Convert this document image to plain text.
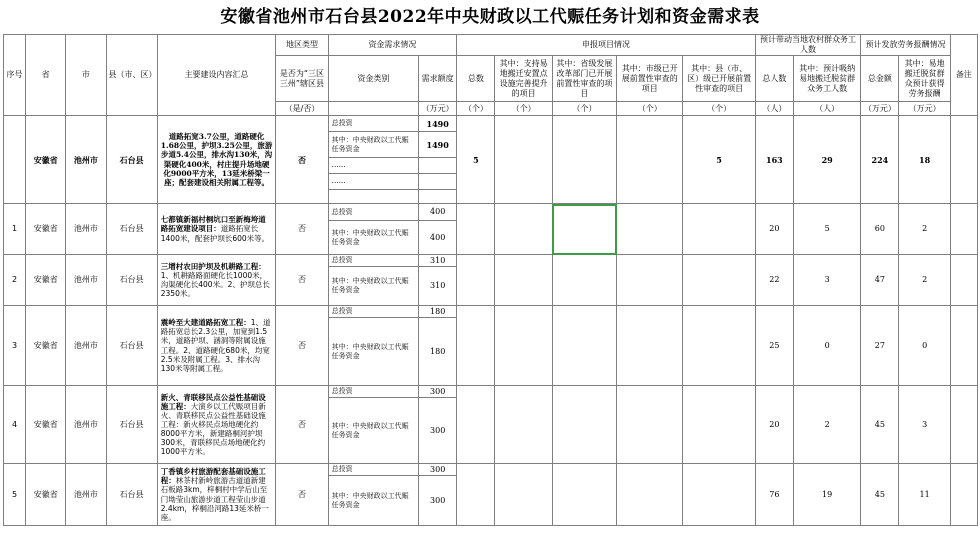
安徽省池州市石台县2022年中央财政以工代赈任务计划和资金需求表
序号	省	市	县（市、区）	主要建设内容汇总	地区类型	资金需求情况		申报项目情况					预计带动当地农村群众务工人数		预计发放劳务报酬情况		备注
					是否为“三区三州”辖区县	资金类别	需求额度	总数	其中：支持易地搬迁安置点设施完善提升的项目	其中：省级发展改革部门已开展前置性审查的项目	其中：市级已开展前置性审查的项目	其中：县（市、区）级已开展前置性审查的项目	总人数	其中：预计吸纳易地搬迁脱贫群众务工人数	总金额	其中：易地搬迁脱贫群众预计获得劳务报酬	
					（是/否）		（万元）	（个）	（个）	（个）	（个）	（个）	（人）	（人）	（万元）	（万元）	
	安徽省	池州市	石台县	道路拓宽3.7公里，道路硬化1.68公里，护坝3.25公里，旅游步道5.4公里，排水沟130米，沟渠硬化400米，村庄提升场地硬化9000平方米，13延米桥梁一座；配套建设相关附属工程等。	否	总投资	1490	5				5	163	29	224	18	
						其中：中央财政以工代赈任务资金	1490										
						……											
						……											

1	安徽省	池州市	石台县	七都镇新福村桐坑口至新梅垮道路拓宽建设项目：道路拓宽长1400米，配套护坝长600米等。	否	总投资	400						20	5	60	2	
						其中：中央财政以工代赈任务资金	400										
2	安徽省	池州市	石台县	三增村农田护坝及机耕路工程：1、机耕路路面硬化长1000米，沟渠硬化长400米。2、护坝总长2350米。	否	总投资	310						22	3	47	2	
						其中：中央财政以工代赈任务资金	310										
3	安徽省	池州市	石台县	震岭至大建道路拓宽工程：1、道路拓宽总长2.3公里，加宽到1.5米，道路护坝、涵洞等附属设施工程。2、道路硬化680米，均宽2.5米及附属工程。3、排水沟130米等附属工程。	否	总投资	180						25	0	27	0	
						其中：中央财政以工代赈任务资金	180										
4	安徽省	池州市	石台县	新火、青联移民点公益性基础设施工程：大演乡以工代赈项目新火、青联移民点公益性基础设施工程：新火移民点场地硬化约8000平方米，新建路桐河护坝300米，青联移民点场地硬化约1000平方米。	否	总投资	300						20	2	45	3	
						其中：中央财政以工代赈任务资金	300										
5	安徽省	池州市	石台县	丁香镇乡村旅游配套基础设施工程：林茶村新岭旅游古道道新建石板路3km，梓桐村中学后山至门坳莹山旅游步道工程莹山步道2.4km，梓桐沿河路13延米桥一座。	否	总投资	300						76	19	45	11	
						其中：中央财政以工代赈任务资金	300										
